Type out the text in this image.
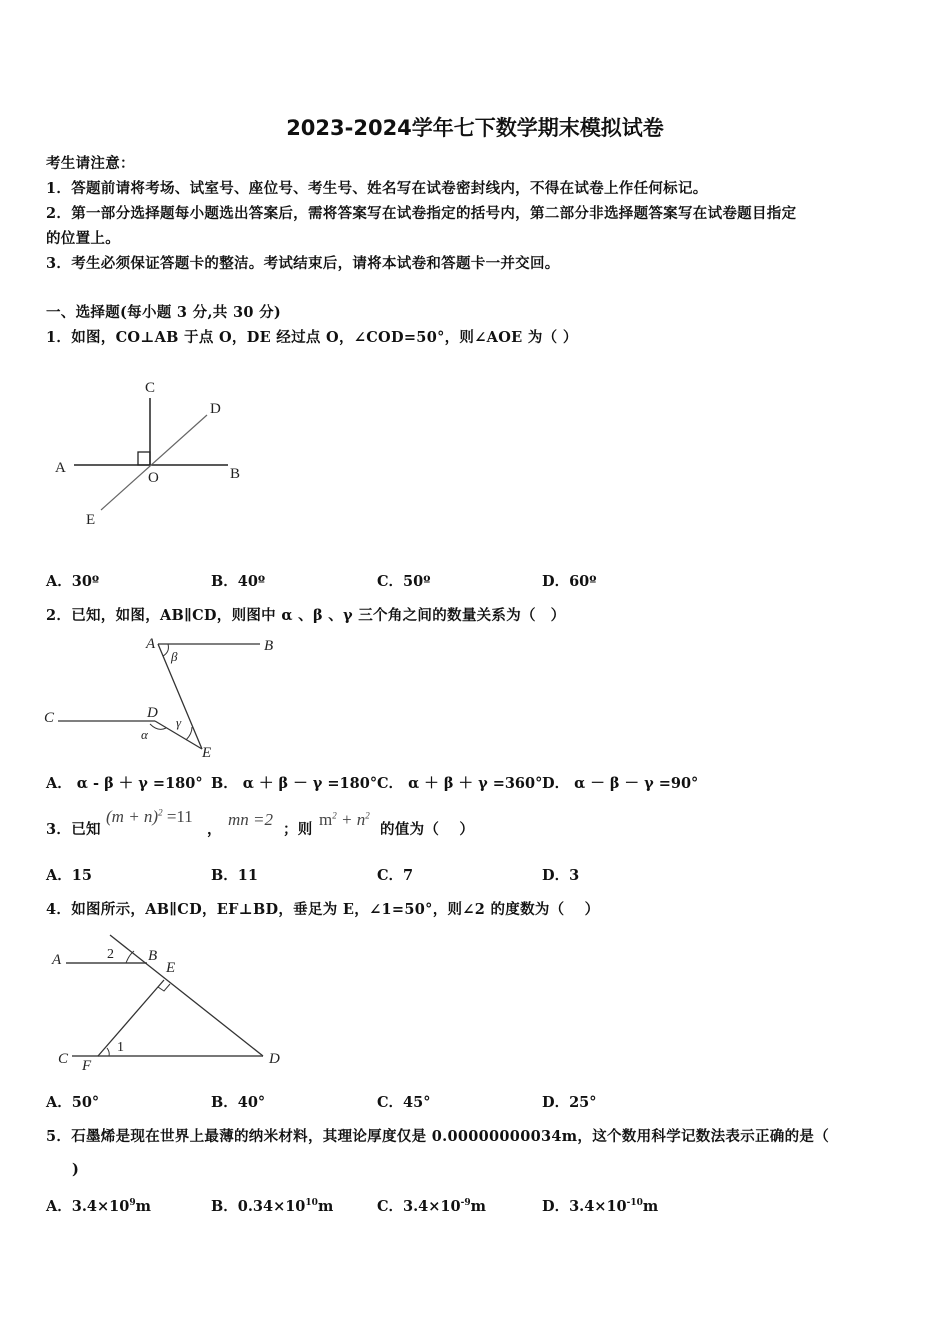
2023-2024学年七下数学期末模拟试卷
考生请注意：
1．答题前请将考场、试室号、座位号、考生号、姓名写在试卷密封线内，不得在试卷上作任何标记。
2．第一部分选择题每小题选出答案后，需将答案写在试卷指定的括号内，第二部分非选择题答案写在试卷题目指定
的位置上。
3．考生必须保证答题卡的整洁。考试结束后，请将本试卷和答题卡一并交回。
一、选择题(每小题 3 分,共 30 分)
1．如图，CO⊥AB 于点 O，DE 经过点 O，∠COD=50°，则∠AOE 为（ ）
C
D
A
O	B
E
A．30º	B．40º	C．50º	D．60º
2．已知，如图，AB∥CD，则图中 α 、β 、γ 三个角之间的数量关系为（　）
A	B
β
C	D
γ
α
E
A． α - β ＋ γ =180° B． α ＋ β － γ =180° C． α ＋ β ＋ γ =360° D． α － β － γ =90°
3．已知
$(m + n)^2 =11$
，
mn =2
；则
$m^2 + n^2$
的值为（　 ）
A．15	B．11	C．7	D．3
4．如图所示，AB∥CD，EF⊥BD，垂足为 E，∠1=50°，则∠2 的度数为（　 ）
A	2 B
E
1
C F	D
A．50°	B．40°	C．45°	D．25°
5．石墨烯是现在世界上最薄的纳米材料，其理论厚度仅是 0.00000000034m，这个数用科学记数法表示正确的是（
)
A．$3.4\times 10^9m$	B．$0.34\times 10^{10}m$	C．$3.4\times 10^{-9}m$	D．$3.4\times 10^{-10}m$
